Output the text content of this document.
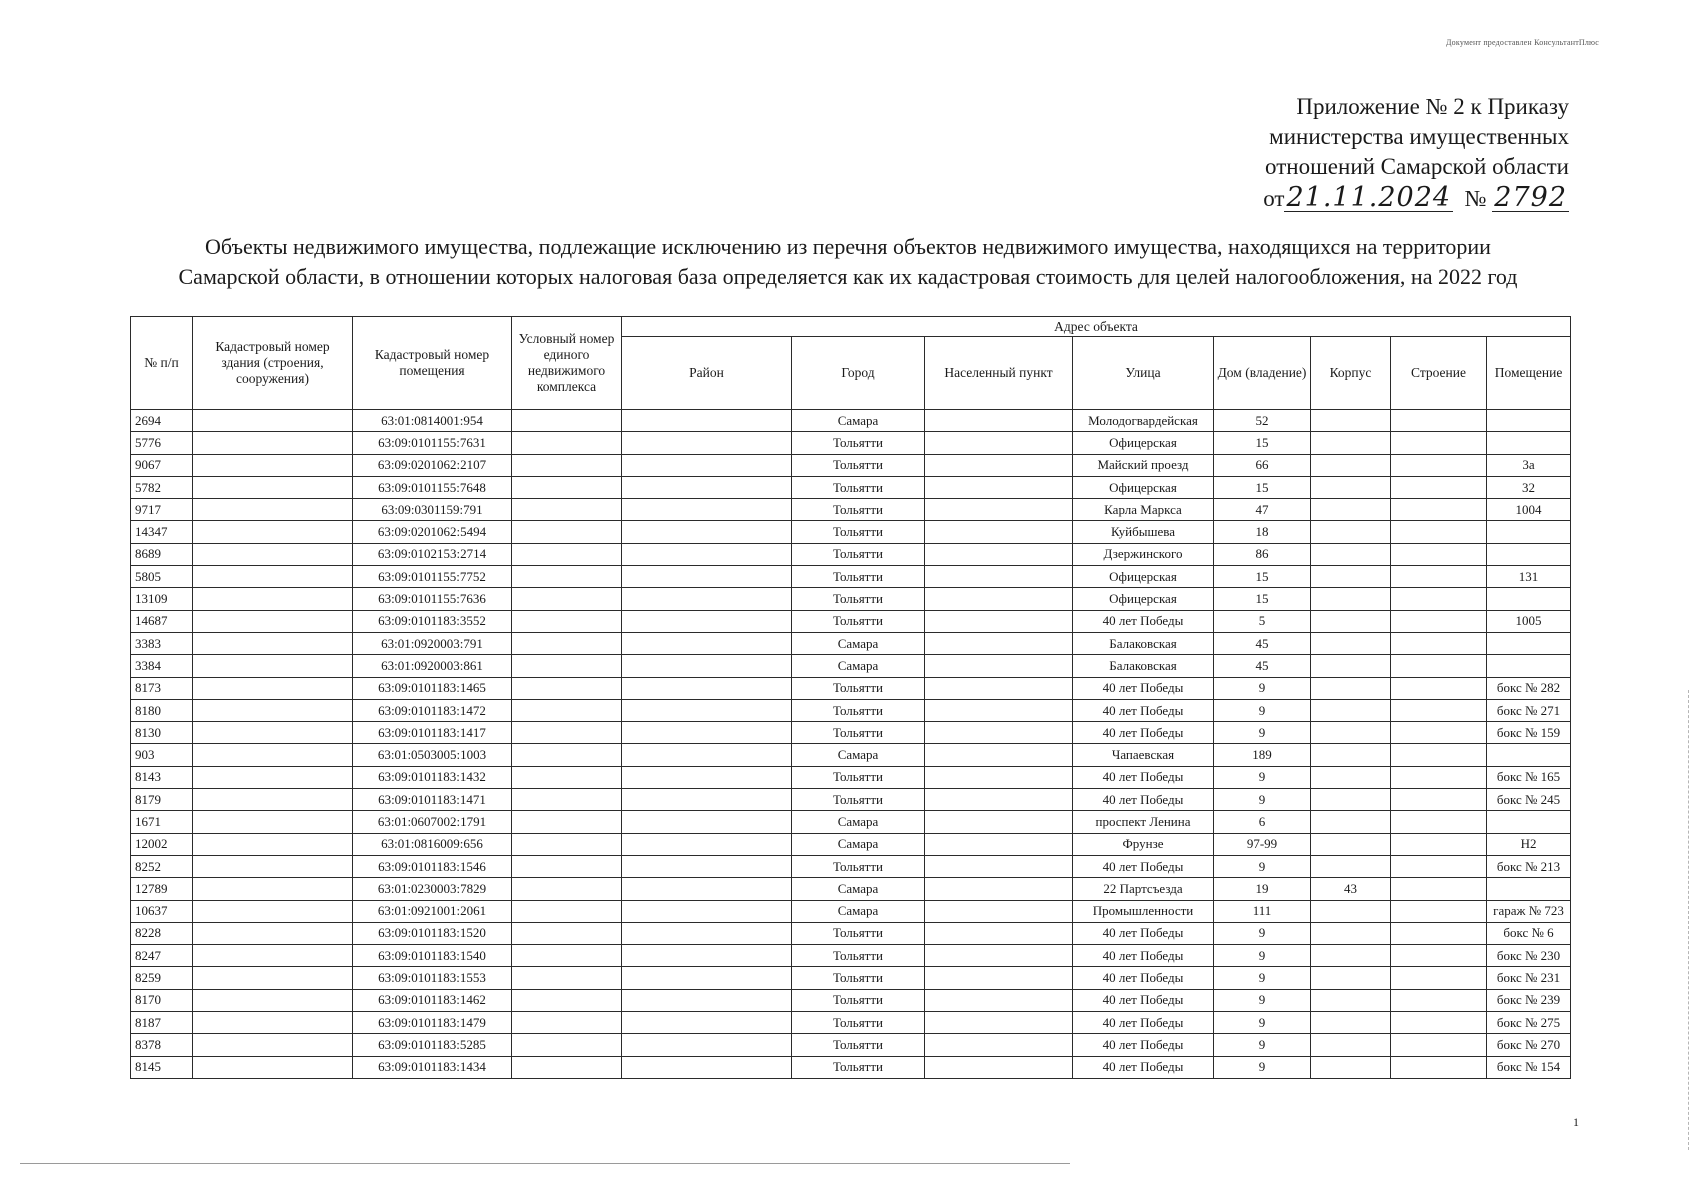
Документ предоставлен КонсультантПлюс
Приложение № 2 к Приказу
министерства имущественных
отношений Самарской области
от21.11.2024 № 2792
Объекты недвижимого имущества, подлежащие исключению из перечня объектов недвижимого имущества, находящихся на территории Самарской области, в отношении которых налоговая база определяется как их кадастровая стоимость для целей налогообложения, на 2022 год
№ п/п	Кадастровый номер здания (строения, сооружения)	Кадастровый номер помещения	Условный номер единого недвижимого комплекса	Адрес объекта							
				Район	Город	Населенный пункт	Улица	Дом (владение)	Корпус	Строение	Помещение
2694		63:01:0814001:954			Самара		Молодогвардейская	52			
5776		63:09:0101155:7631			Тольятти		Офицерская	15			
9067		63:09:0201062:2107			Тольятти		Майский проезд	66			3а
5782		63:09:0101155:7648			Тольятти		Офицерская	15			32
9717		63:09:0301159:791			Тольятти		Карла Маркса	47			1004
14347		63:09:0201062:5494			Тольятти		Куйбышева	18			
8689		63:09:0102153:2714			Тольятти		Дзержинского	86			
5805		63:09:0101155:7752			Тольятти		Офицерская	15			131
13109		63:09:0101155:7636			Тольятти		Офицерская	15			
14687		63:09:0101183:3552			Тольятти		40 лет Победы	5			1005
3383		63:01:0920003:791			Самара		Балаковская	45			
3384		63:01:0920003:861			Самара		Балаковская	45			
8173		63:09:0101183:1465			Тольятти		40 лет Победы	9			бокс № 282
8180		63:09:0101183:1472			Тольятти		40 лет Победы	9			бокс № 271
8130		63:09:0101183:1417			Тольятти		40 лет Победы	9			бокс № 159
903		63:01:0503005:1003			Самара		Чапаевская	189			
8143		63:09:0101183:1432			Тольятти		40 лет Победы	9			бокс № 165
8179		63:09:0101183:1471			Тольятти		40 лет Победы	9			бокс № 245
1671		63:01:0607002:1791			Самара		проспект Ленина	6			
12002		63:01:0816009:656			Самара		Фрунзе	97-99			Н2
8252		63:09:0101183:1546			Тольятти		40 лет Победы	9			бокс № 213
12789		63:01:0230003:7829			Самара		22 Партсъезда	19	43		
10637		63:01:0921001:2061			Самара		Промышленности	111			гараж № 723
8228		63:09:0101183:1520			Тольятти		40 лет Победы	9			бокс № 6
8247		63:09:0101183:1540			Тольятти		40 лет Победы	9			бокс № 230
8259		63:09:0101183:1553			Тольятти		40 лет Победы	9			бокс № 231
8170		63:09:0101183:1462			Тольятти		40 лет Победы	9			бокс № 239
8187		63:09:0101183:1479			Тольятти		40 лет Победы	9			бокс № 275
8378		63:09:0101183:5285			Тольятти		40 лет Победы	9			бокс № 270
8145		63:09:0101183:1434			Тольятти		40 лет Победы	9			бокс № 154
1
